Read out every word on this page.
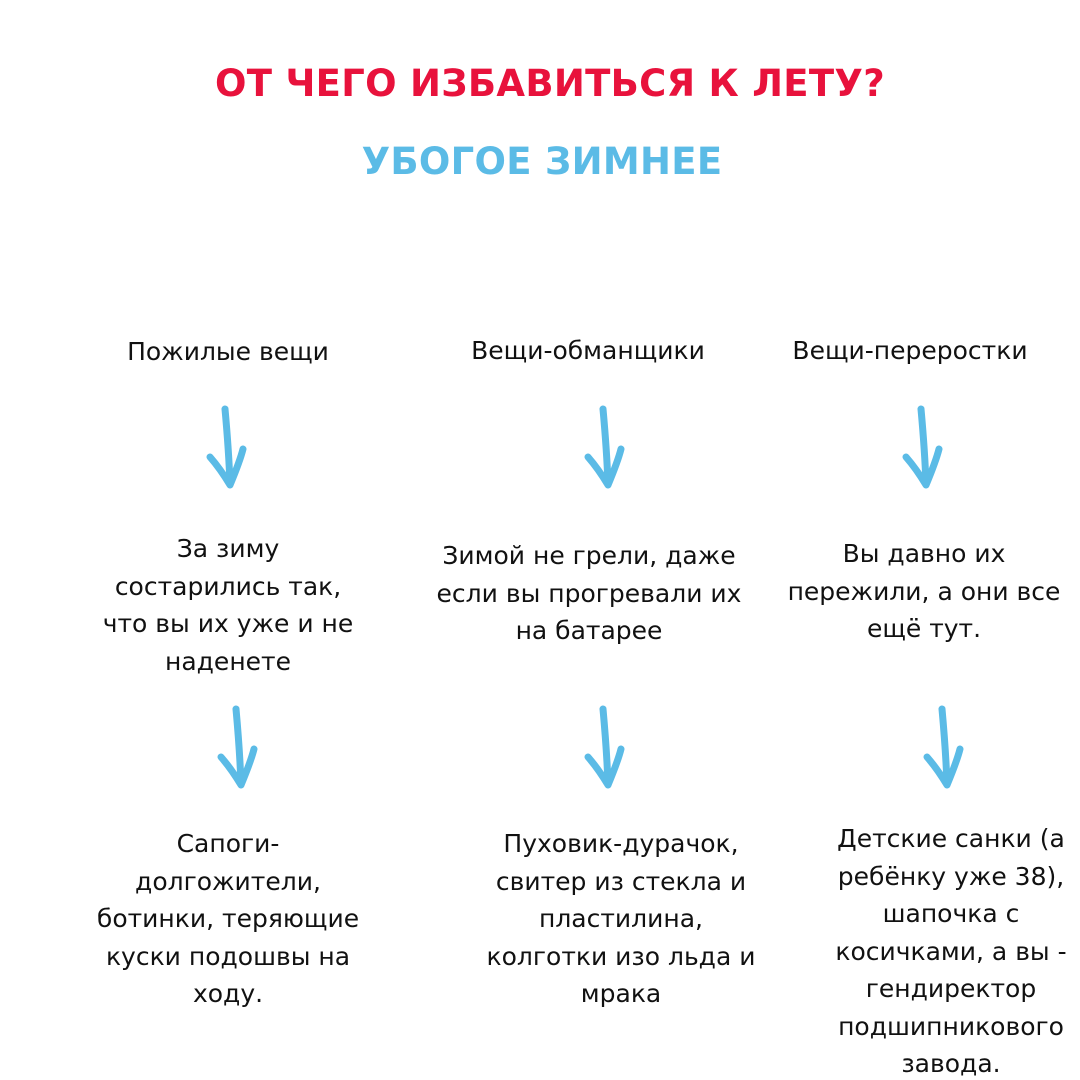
ОТ ЧЕГО ИЗБАВИТЬСЯ К ЛЕТУ?
УБОГОЕ ЗИМНЕЕ
Пожилые вещи
За зиму состарились так, что вы их уже и не наденете
Сапоги-долгожители, ботинки, теряющие куски подошвы на ходу.
Вещи-обманщики
Зимой не грели, даже если вы прогревали их на батарее
Пуховик-дурачок, свитер из стекла и пластилина, колготки изо льда и мрака
Вещи-переростки
Вы давно их пережили, а они все ещё тут.
Детские санки (а ребёнку уже 38), шапочка с косичками, а вы - гендиректор подшипникового завода.
